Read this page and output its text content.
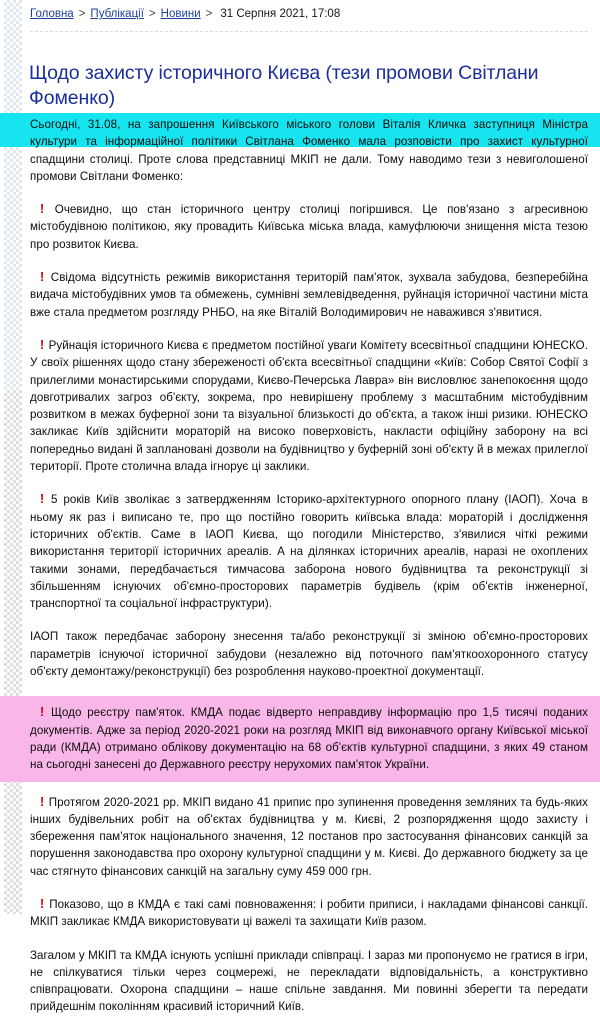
Головна > Публікації > Новини > 31 Серпня 2021, 17:08
Щодо захисту історичного Києва (тези промови Світлани Фоменко)

Сьогодні, 31.08, на запрошення Київського міського голови Віталія Кличка заступниця Міністра культури та інформаційної політики Світлана Фоменко мала розповісти про захист культурної спадщини столиці. Проте слова представниці МКІП не дали. Тому наводимо тези з невиголошеної промови Світлани Фоменко:

! Очевидно, що стан історичного центру столиці погіршився. Це пов'язано з агресивною містобудівною політикою, яку провадить Київська міська влада, камуфлюючи знищення міста тезою про розвиток Києва.

! Свідома відсутність режимів використання територій пам'яток, зухвала забудова, безперебійна видача містобудівних умов та обмежень, сумнівні землевідведення, руйнація історичної частини міста вже стала предметом розгляду РНБО, на яке Віталій Володимирович не наважився з'явитися.

! Руйнація історичного Києва є предметом постійної уваги Комітету всесвітньої спадщини ЮНЕСКО. У своїх рішеннях щодо стану збереженості об'єкта всесвітньої спадщини «Київ: Собор Святої Софії з прилеглими монастирськими спорудами, Києво-Печерська Лавра» він висловлює занепокоєння щодо довготривалих загроз об'єкту, зокрема, про невирішену проблему з масштабним містобудівним розвитком в межах буферної зони та візуальної близькості до об'єкта, а також інші ризики. ЮНЕСКО закликає Київ здійснити мораторій на високо поверховість, накласти офіційну заборону на всі попередньо видані й заплановані дозволи на будівництво у буферній зоні об'єкту й в межах прилеглої території. Проте столична влада ігнорує ці заклики.

! 5 років Київ зволікає з затвердженням Історико-архітектурного опорного плану (ІАОП). Хоча в ньому як раз і виписано те, про що постійно говорить київська влада: мораторій і дослідження історичних об'єктів. Саме в ІАОП Києва, що погодили Міністерство, з'явилися чіткі режими використання території історичних ареалів. А на ділянках історичних ареалів, наразі не охоплених такими зонами, передбачається тимчасова заборона нового будівництва та реконструкції зі збільшенням існуючих об'ємно-просторових параметрів будівель (крім об'єктів інженерної, транспортної та соціальної інфраструктури).

ІАОП також передбачає заборону знесення та/або реконструкції зі зміною об'ємно-просторових параметрів існуючої історичної забудови (незалежно від поточного пам'яткоохоронного статусу об'єкту демонтажу/реконструкції) без розроблення науково-проектної документації.

! Щодо реєстру пам'яток. КМДА подає відверто неправдиву інформацію про 1,5 тисячі поданих документів. Адже за період 2020-2021 роки на розгляд МКІП від виконавчого органу Київської міської ради (КМДА) отримано облікову документацію на 68 об'єктів культурної спадщини, з яких 49 станом на сьогодні занесені до Державного реєстру нерухомих пам'яток України.

! Протягом 2020-2021 рр. МКІП видано 41 припис про зупинення проведення земляних та будь-яких інших будівельних робіт на об'єктах будівництва у м. Києві, 2 розпорядження щодо захисту і збереження пам'яток національного значення, 12 постанов про застосування фінансових санкцій за порушення законодавства про охорону культурної спадщини у м. Києві. До державного бюджету за це час стягнуто фінансових санкцій на загальну суму 459 000 грн.

! Показово, що в КМДА є такі самі повноваження: і робити приписи, і накладами фінансові санкції. МКІП закликає КМДА використовувати ці важелі та захищати Київ разом.

Загалом у МКІП та КМДА існують успішні приклади співпраці. І зараз ми пропонуємо не гратися в ігри, не спілкуватися тільки через соцмережі, не перекладати відповідальність, а конструктивно співпрацювати. Охорона спадщини – наше спільне завдання. Ми повинні зберегти та передати прийдешнім поколінням красивий історичний Київ.
